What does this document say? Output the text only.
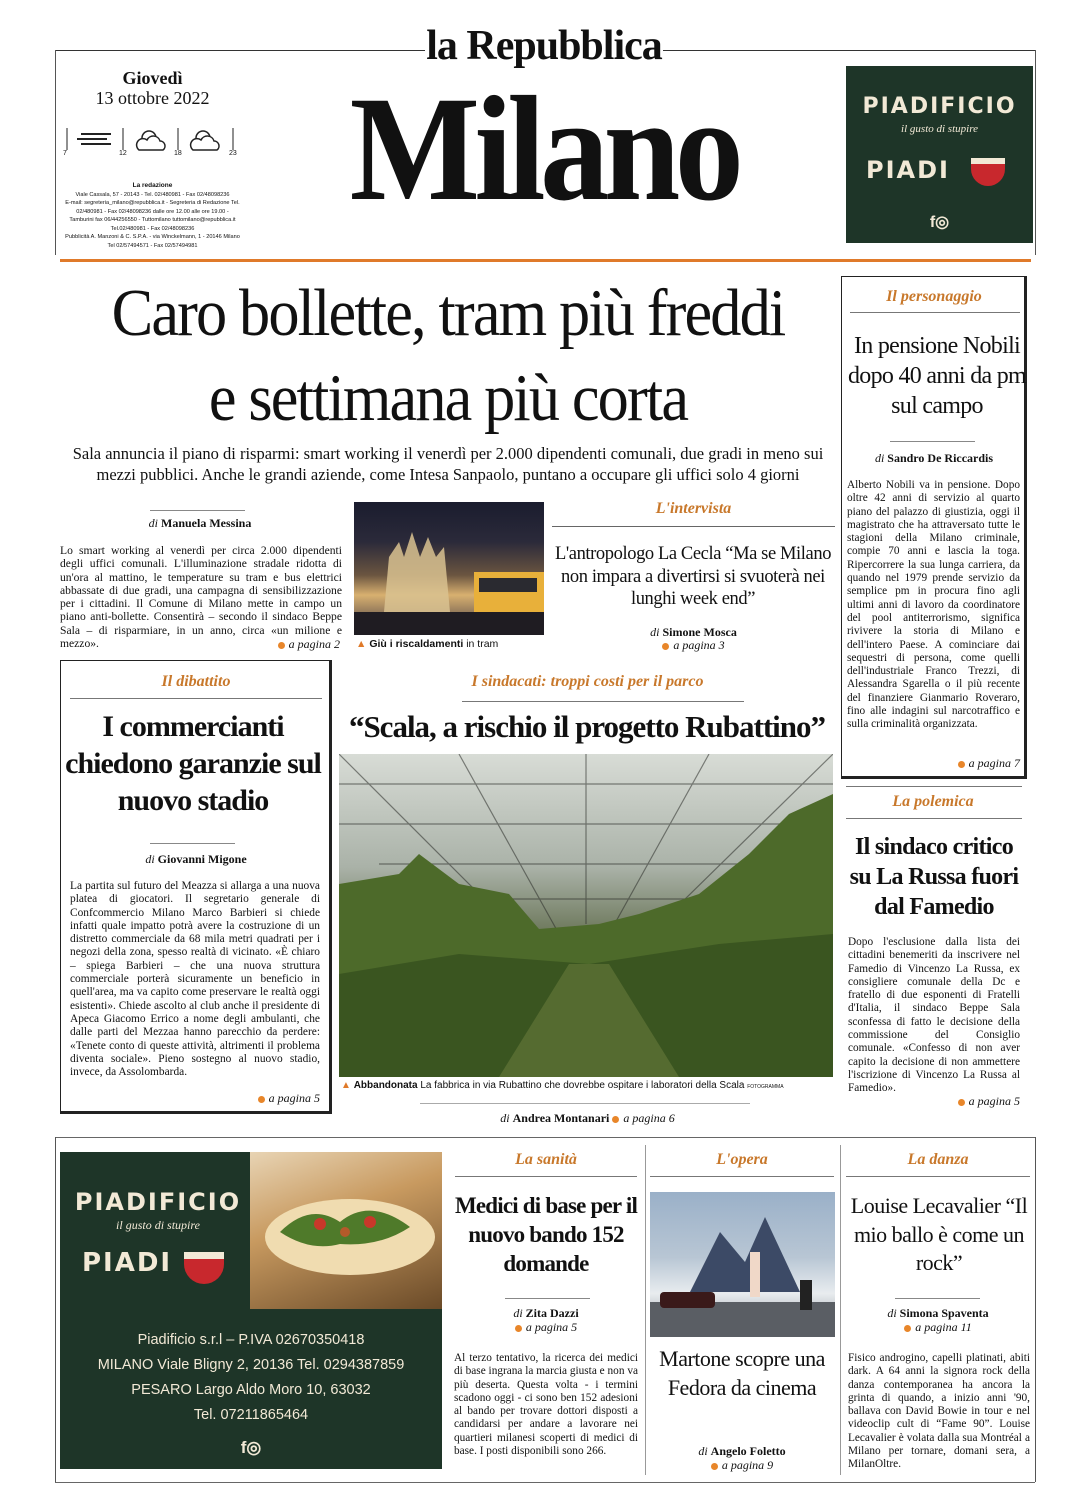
la Repubblica
Giovedì
13 ottobre 2022
7	12	18	23
La redazione
Viale Cassala, 57 - 20143 - Tel. 02/480981 - Fax 02/48098236
E-mail: segreteria_milano@repubblica.it - Segreteria di Redazione Tel.
02/480981 - Fax 02/48098236 dalle ore 12.00 alle ore 19.00 -
Tamburini fax 06/44256550 - Tuttomilano tuttomilano@repubblica.it
Tel.02/480981 - Fax 02/48098236
Pubblicità A. Manzoni & C. S.P.A. - via Winckelmann, 1 - 20146 Milano
Tel 02/57494571 - Fax 02/57494981
Milano	PIADIFICIO
il gusto di stupire
PIADI
f◎
Caro bollette, tram più freddi
e settimana più corta
Sala annuncia il piano di risparmi: smart working il venerdì per 2.000 dipendenti comunali, due gradi in meno sui mezzi pubblici. Anche le grandi aziende, come Intesa Sanpaolo, puntano a occupare gli uffici solo 4 giorni
di Manuela Messina
Lo smart working al venerdì per circa 2.000 dipendenti degli uffici comunali. L'illuminazione stradale ridotta di un'ora al mattino, le temperature su tram e bus elettrici abbassate di due gradi, una campagna di sensibilizzazione per i cittadini. Il Comune di Milano mette in campo un piano anti-bollette. Consentirà – secondo il sindaco Beppe Sala – di risparmiare, in un anno, circa «un milione e mezzo».	a pagina 2 ▲ Giù i riscaldamenti in tram
L'intervista
L'antropologo La Cecla “Ma se Milano non impara a divertirsi si svuoterà nei lunghi week end”
di Simone Mosca
a pagina 3
Il personaggio
In pensione Nobili dopo 40 anni da pm sul campo
di Sandro De Riccardis
Alberto Nobili va in pensione. Dopo oltre 42 anni di servizio al quarto piano del palazzo di giustizia, oggi il magistrato che ha attraversato tutte le stagioni della Milano criminale, compie 70 anni e lascia la toga. Ripercorrere la sua lunga carriera, da quando nel 1979 prende servizio da semplice pm in procura fino agli ultimi anni di lavoro da coordinatore del pool antiterrorismo, significa rivivere la storia di Milano e dell'intero Paese. A cominciare dai sequestri di persona, come quelli dell'industriale Franco Trezzi, di Alessandra Sgarella o il più recente del finanziere Gianmario Roveraro, fino alle indagini sul narcotraffico e sulla criminalità organizzata.
a pagina 7
Il dibattito
I commercianti chiedono garanzie sul nuovo stadio
di Giovanni Migone
La partita sul futuro del Meazza si allarga a una nuova platea di giocatori. Il segretario generale di Confcommercio Milano Marco Barbieri si chiede infatti quale impatto potrà avere la costruzione di un distretto commerciale da 68 mila metri quadrati per i negozi della zona, spesso realtà di vicinato. «È chiaro – spiega Barbieri – che una nuova struttura commerciale porterà sicuramente un beneficio in quell'area, ma va capito come preservare le realtà oggi esistenti». Chiede ascolto al club anche il presidente di Apeca Giacomo Errico a nome degli ambulanti, che dalle parti del Mezzaa hanno parecchio da perdere: «Tenete conto di queste attività, altrimenti il problema diventa sociale». Pieno sostegno al nuovo stadio, invece, da Assolombarda.
a pagina 5
I sindacati: troppi costi per il parco
“Scala, a rischio il progetto Rubattino”
▲ Abbandonata La fabbrica in via Rubattino che dovrebbe ospitare i laboratori della Scala FOTOGRAMMA
di Andrea Montanari a pagina 6
La polemica
Il sindaco critico su La Russa fuori dal Famedio
Dopo l'esclusione dalla lista dei cittadini benemeriti da inscrivere nel Famedio di Vincenzo La Russa, ex consigliere comunale della Dc e fratello di due esponenti di Fratelli d'Italia, il sindaco Beppe Sala sconfessa di fatto le decisione della commissione del Consiglio comunale. «Confesso di non aver capito la decisione di non ammettere l'iscrizione di Vincenzo La Russa al Famedio».
a pagina 5
PIADIFICIO
il gusto di stupire
PIADI
Piadificio s.r.l – P.IVA 02670350418
MILANO Viale Bligny 2, 20136 Tel. 0294387859
PESARO Largo Aldo Moro 10, 63032
Tel. 07211865464
f◎
La sanità
Medici di base per il nuovo bando 152 domande
di Zita Dazzi
a pagina 5
Al terzo tentativo, la ricerca dei medici di base ingrana la marcia giusta e non va più deserta. Questa volta - i termini scadono oggi - ci sono ben 152 adesioni al bando per trovare dottori disposti a candidarsi per andare a lavorare nei quartieri milanesi scoperti di medici di base. I posti disponibili sono 266.
L'opera
Martone scopre una Fedora da cinema
di Angelo Foletto
a pagina 9
La danza
Louise Lecavalier “Il mio ballo è come un rock”
di Simona Spaventa
a pagina 11
Fisico androgino, capelli platinati, abiti dark. A 64 anni la signora rock della danza contemporanea ha ancora la grinta di quando, a inizio anni '90, ballava con David Bowie in tour e nel videoclip cult di “Fame 90”. Louise Lecavalier è volata dalla sua Montréal a Milano per tornare, domani sera, a MilanOltre.
